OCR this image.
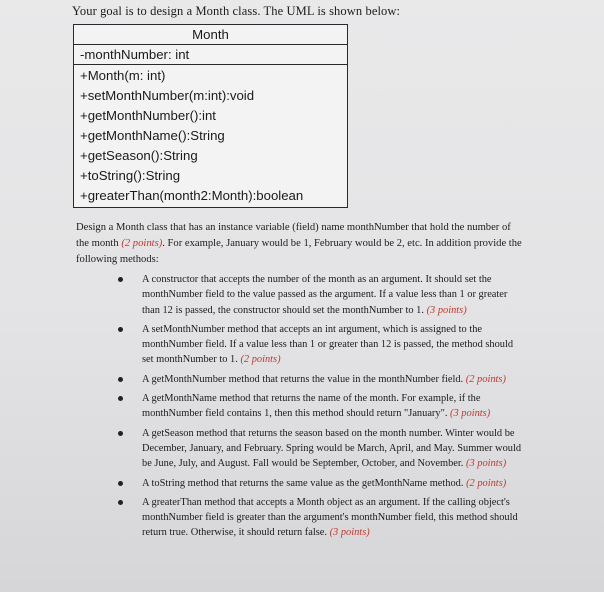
Your goal is to design a Month class. The UML is shown below:
Month
-monthNumber: int
+Month(m: int)
+setMonthNumber(m:int):void
+getMonthNumber():int
+getMonthName():String
+getSeason():String
+toString():String
+greaterThan(month2:Month):boolean
Design a Month class that has an instance variable (field) name monthNumber that hold the number of the month (2 points). For example, January would be 1, February would be 2, etc. In addition provide the following methods:
A constructor that accepts the number of the month as an argument. It should set the monthNumber field to the value passed as the argument. If a value less than 1 or greater than 12 is passed, the constructor should set the monthNumber to 1. (3 points)
A setMonthNumber method that accepts an int argument, which is assigned to the monthNumber field. If a value less than 1 or greater than 12 is passed, the method should set monthNumber to 1. (2 points)
A getMonthNumber method that returns the value in the monthNumber field. (2 points)
A getMonthName method that returns the name of the month. For example, if the monthNumber field contains 1, then this method should return "January". (3 points)
A getSeason method that returns the season based on the month number. Winter would be December, January, and February. Spring would be March, April, and May. Summer would be June, July, and August. Fall would be September, October, and November. (3 points)
A toString method that returns the same value as the getMonthName method. (2 points)
A greaterThan method that accepts a Month object as an argument. If the calling object's monthNumber field is greater than the argument's monthNumber field, this method should return true. Otherwise, it should return false. (3 points)
